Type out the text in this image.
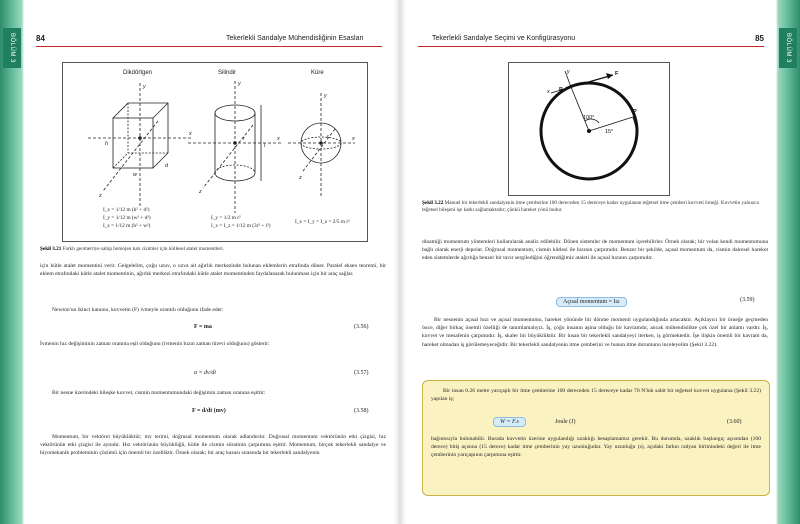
BÖLÜM 3	BÖLÜM 3
84	Tekerlekli Sandalye Mühendisliğinin Esasları
Dikdörtgen	Silindir	Küre
y
x
z
h
w
d
y
x
z
r
l
y
x
z
r
I_x = 1/12 m (h² + d²)
I_y = 1/12 m (w² + d²)
I_z = 1/12 m (h² + w²)
I_y = 1/2 m r²
I_x = I_z = 1/12 m (3r² + l²)
I_x = I_y = I_z = 2/5 m r²
Şekil 3.21 Farklı geometriye sahip homojen katı cisimler için kütlesel atalet momentleri.
için kütle atalet momentini verir. Gelgelelim, çoğu uzuv, o uzva ait ağırlık merkezinde bulunan eklemlerin etrafında döner. Paralel eksen teoremi, bir eklem etrafındaki kütle atalet momentinin, ağırlık merkezi etrafındaki kütle atalet momentinden faydalanarak bulunması için bir araç sağlar.
Newton'un ikinci kanunu, kuvvetin (F) ivmeyle orantılı olduğunu ifade eder:
F = ma	(3.56)
İvmenin hız değişiminin zaman oranına eşit olduğunu (ivmenin hızın zaman türevi olduğunu) gösterir:
a = dv/dt	(3.57)
Bir nesne üzerindeki bileşke kuvvet, cismin momentumundaki değişimin zaman oranına eşittir:
F = d/dt (mv)	(3.58)
Momentum, bir vektörel büyüklüktür; mv terimi, doğrusal momentum olarak adlandırılır. Doğrusal momentum vektörünün etki çizgisi, hız vektörünün etki çizgisi ile aynıdır. Hız vektörünün büyüklüğü, kütle ile cismin süratinin çarpımına eşittir. Momentum, birçok tekerlekli sandalye ve biyomekanik probleminin çözümü için önemli bir özelliktir. Örnek olarak; bir araç kazası sırasında bir tekerlekli sandalyenin
Tekerlekli Sandalye Seçimi ve Konfigürasyonu	85
F
P
P
100°
15°
y
x
Şekil 3.22 Manuel bir tekerlekli sandalyenin itme çemberine 100 dereceden 15 dereceye kadar uygulanan teğetsel itme çemberi kuvveti örneği. Kuvvetin yalnızca teğetsel bileşeni işe katkı sağlamaktadır; çünkü hareket yönü budur.
dinamiği momentum yöntemleri kullanılarak analiz edilebilir. Dönen sistemler de momentum içerebilirler. Örnek olarak; bir volan kendi momentumuna bağlı olarak enerji depolar. Doğrusal momentum, cismin kütlesi ile hızının çarpımıdır. Benzer bir şekilde, açısal momentum da, cismin dairesel hareket eden sistemlerde ağırlığa benzer bir tavır sergilediğini öğrendiğimiz ataleti ile açısal hızının çarpımıdır.
Açısal momentum = Iω	(3.59)
Bir nesnenin açısal hızı ve açısal momentumu, hareket yönünde bir dönme momenti uygulandığında artacaktır. Açıklayıcı bir örneğe geçmeden önce, diğer birkaç önemli özelliği de tanımlamalıyız. İş, çoğu insanın aşina olduğu bir kavramdır, ancak mühendislikte çok özel bir anlamı vardır. İş, kuvvet ve mesafenin çarpımıdır. İş, skaler bir büyüklüktür. Bir insan bir tekerlekli sandalyeyi iterken, iş görmektedir. İşe ilişkin önemli bir kavram da, hareket olmadan iş görülemeyeceğidir. Bir tekerlekli sandalyenin itme çemberini ve bunun itme durumunu inceleyelim (Şekil 3.22).
Bir insan 0.26 metre yarıçaplı bir itme çemberine 100 dereceden 15 dereceye kadar 70 N'luk sabit bir teğetsel kuvvet uygularsa (Şekil 3.22) yapılan iş;
W = F.s	Joule (J)	(3.60)
bağıntısıyla bulunabilir. Burada kuvvetin üzerine uygulandığı uzaklığı hesaplamamız gerekir. Bu durumda, uzaklık başlangıç açısından (100 derece) bitiş açısına (15 derece) kadar itme çemberinin yay uzunluğudur. Yay uzunluğu (s), açıdaki farkın radyan birimindeki değeri ile itme çemberinin yarıçapının çarpımına eşittir.
